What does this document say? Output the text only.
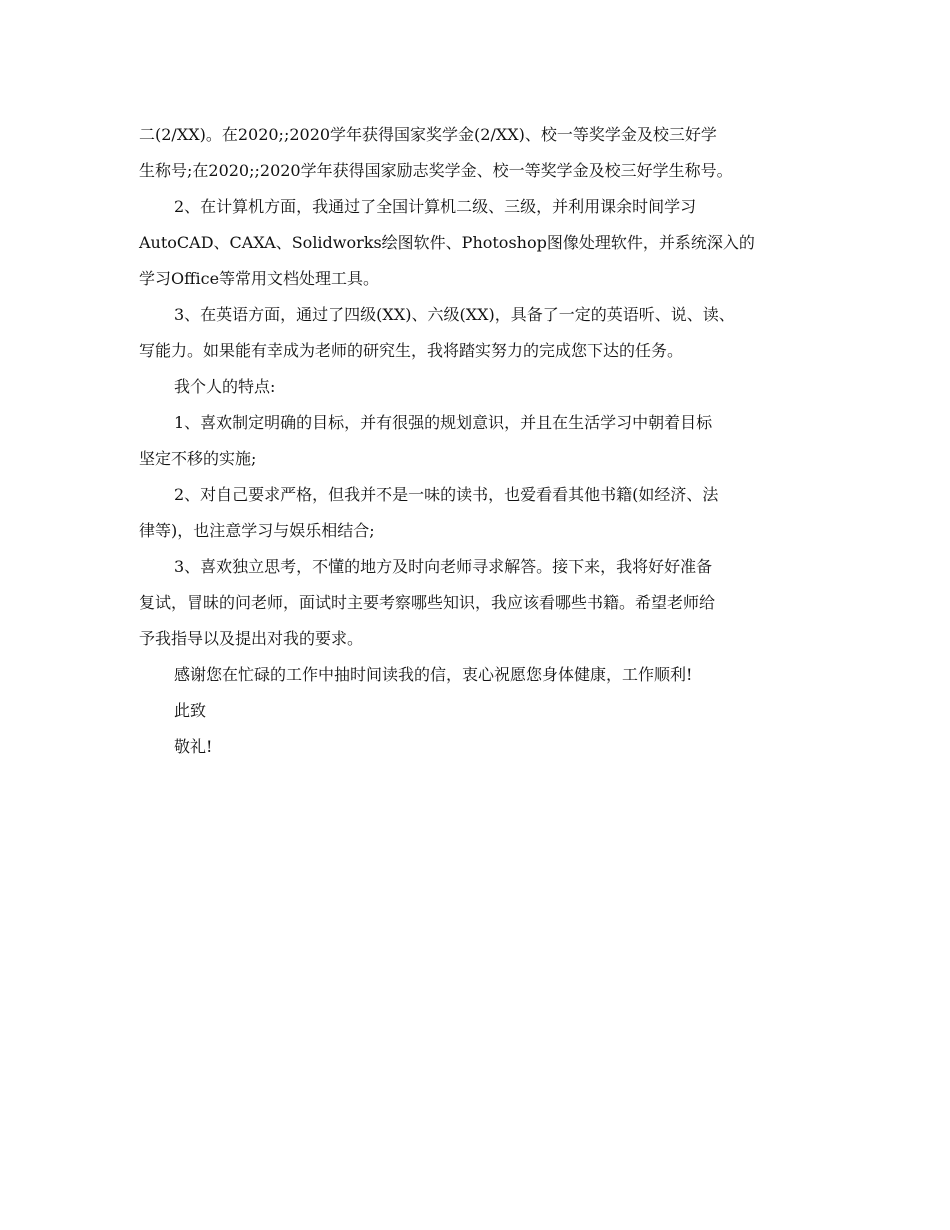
二(2/XX)。在2020;;2020学年获得国家奖学金(2/XX)、校一等奖学金及校三好学
生称号;在2020;;2020学年获得国家励志奖学金、校一等奖学金及校三好学生称号。
2、在计算机方面，我通过了全国计算机二级、三级，并利用课余时间学习
AutoCAD、CAXA、Solidworks绘图软件、Photoshop图像处理软件，并系统深入的
学习Office等常用文档处理工具。
3、在英语方面，通过了四级(XX)、六级(XX)，具备了一定的英语听、说、读、
写能力。如果能有幸成为老师的研究生，我将踏实努力的完成您下达的任务。
我个人的特点:
1、喜欢制定明确的目标，并有很强的规划意识，并且在生活学习中朝着目标
坚定不移的实施;
2、对自己要求严格，但我并不是一味的读书，也爱看看其他书籍(如经济、法
律等)，也注意学习与娱乐相结合;
3、喜欢独立思考，不懂的地方及时向老师寻求解答。接下来，我将好好准备
复试，冒昧的问老师，面试时主要考察哪些知识，我应该看哪些书籍。希望老师给
予我指导以及提出对我的要求。
感谢您在忙碌的工作中抽时间读我的信，衷心祝愿您身体健康，工作顺利!
此致
敬礼!
